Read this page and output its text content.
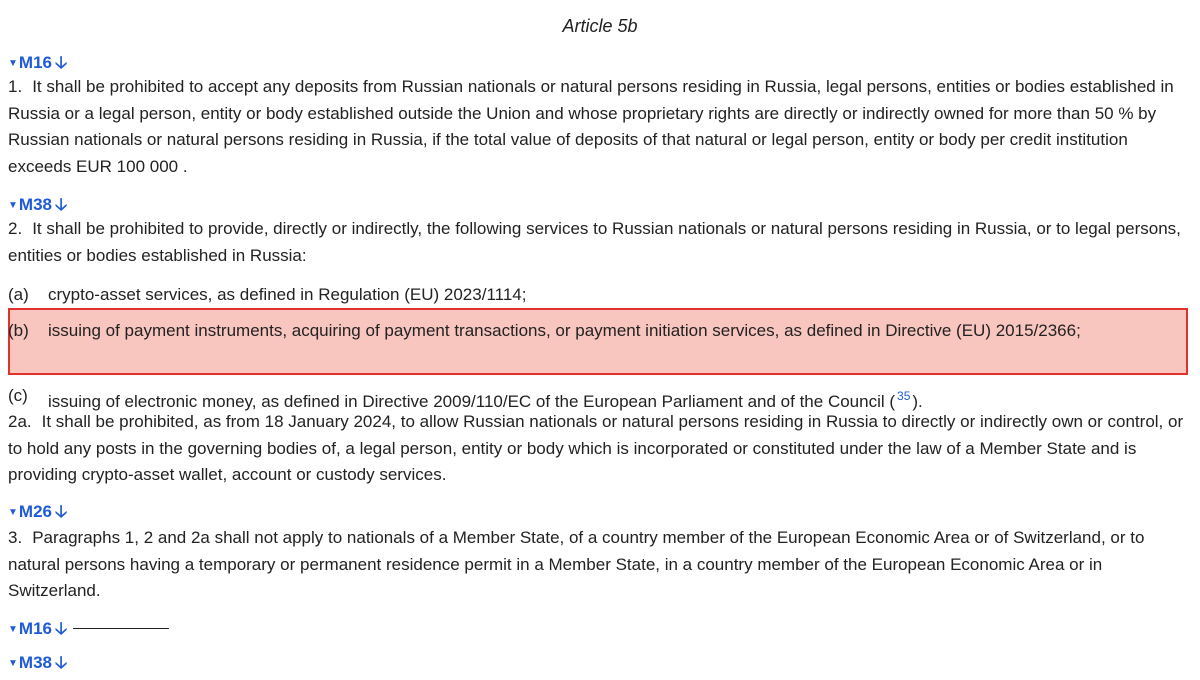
Article 5b
▼M16 🡣
1. It shall be prohibited to accept any deposits from Russian nationals or natural persons residing in Russia, legal persons, entities or bodies established in Russia or a legal person, entity or body established outside the Union and whose proprietary rights are directly or indirectly owned for more than 50 % by Russian nationals or natural persons residing in Russia, if the total value of deposits of that natural or legal person, entity or body per credit institution exceeds EUR 100 000 .
▼M38 🡣
2. It shall be prohibited to provide, directly or indirectly, the following services to Russian nationals or natural persons residing in Russia, or to legal persons, entities or bodies established in Russia:
(a)	crypto-asset services, as defined in Regulation (EU) 2023/1114;
(b)	issuing of payment instruments, acquiring of payment transactions, or payment initiation services, as defined in Directive (EU) 2015/2366;
(c)	issuing of electronic money, as defined in Directive 2009/110/EC of the European Parliament and of the Council ( $^{35}$ ).
2a. It shall be prohibited, as from 18 January 2024, to allow Russian nationals or natural persons residing in Russia to directly or indirectly own or control, or to hold any posts in the governing bodies of, a legal person, entity or body which is incorporated or constituted under the law of a Member State and is providing crypto-asset wallet, account or custody services.
▼M26 🡣
3. Paragraphs 1, 2 and 2a shall not apply to nationals of a Member State, of a country member of the European Economic Area or of Switzerland, or to natural persons having a temporary or permanent residence permit in a Member State, in a country member of the European Economic Area or in Switzerland.
▼M16 🡣
▼M38 🡣
